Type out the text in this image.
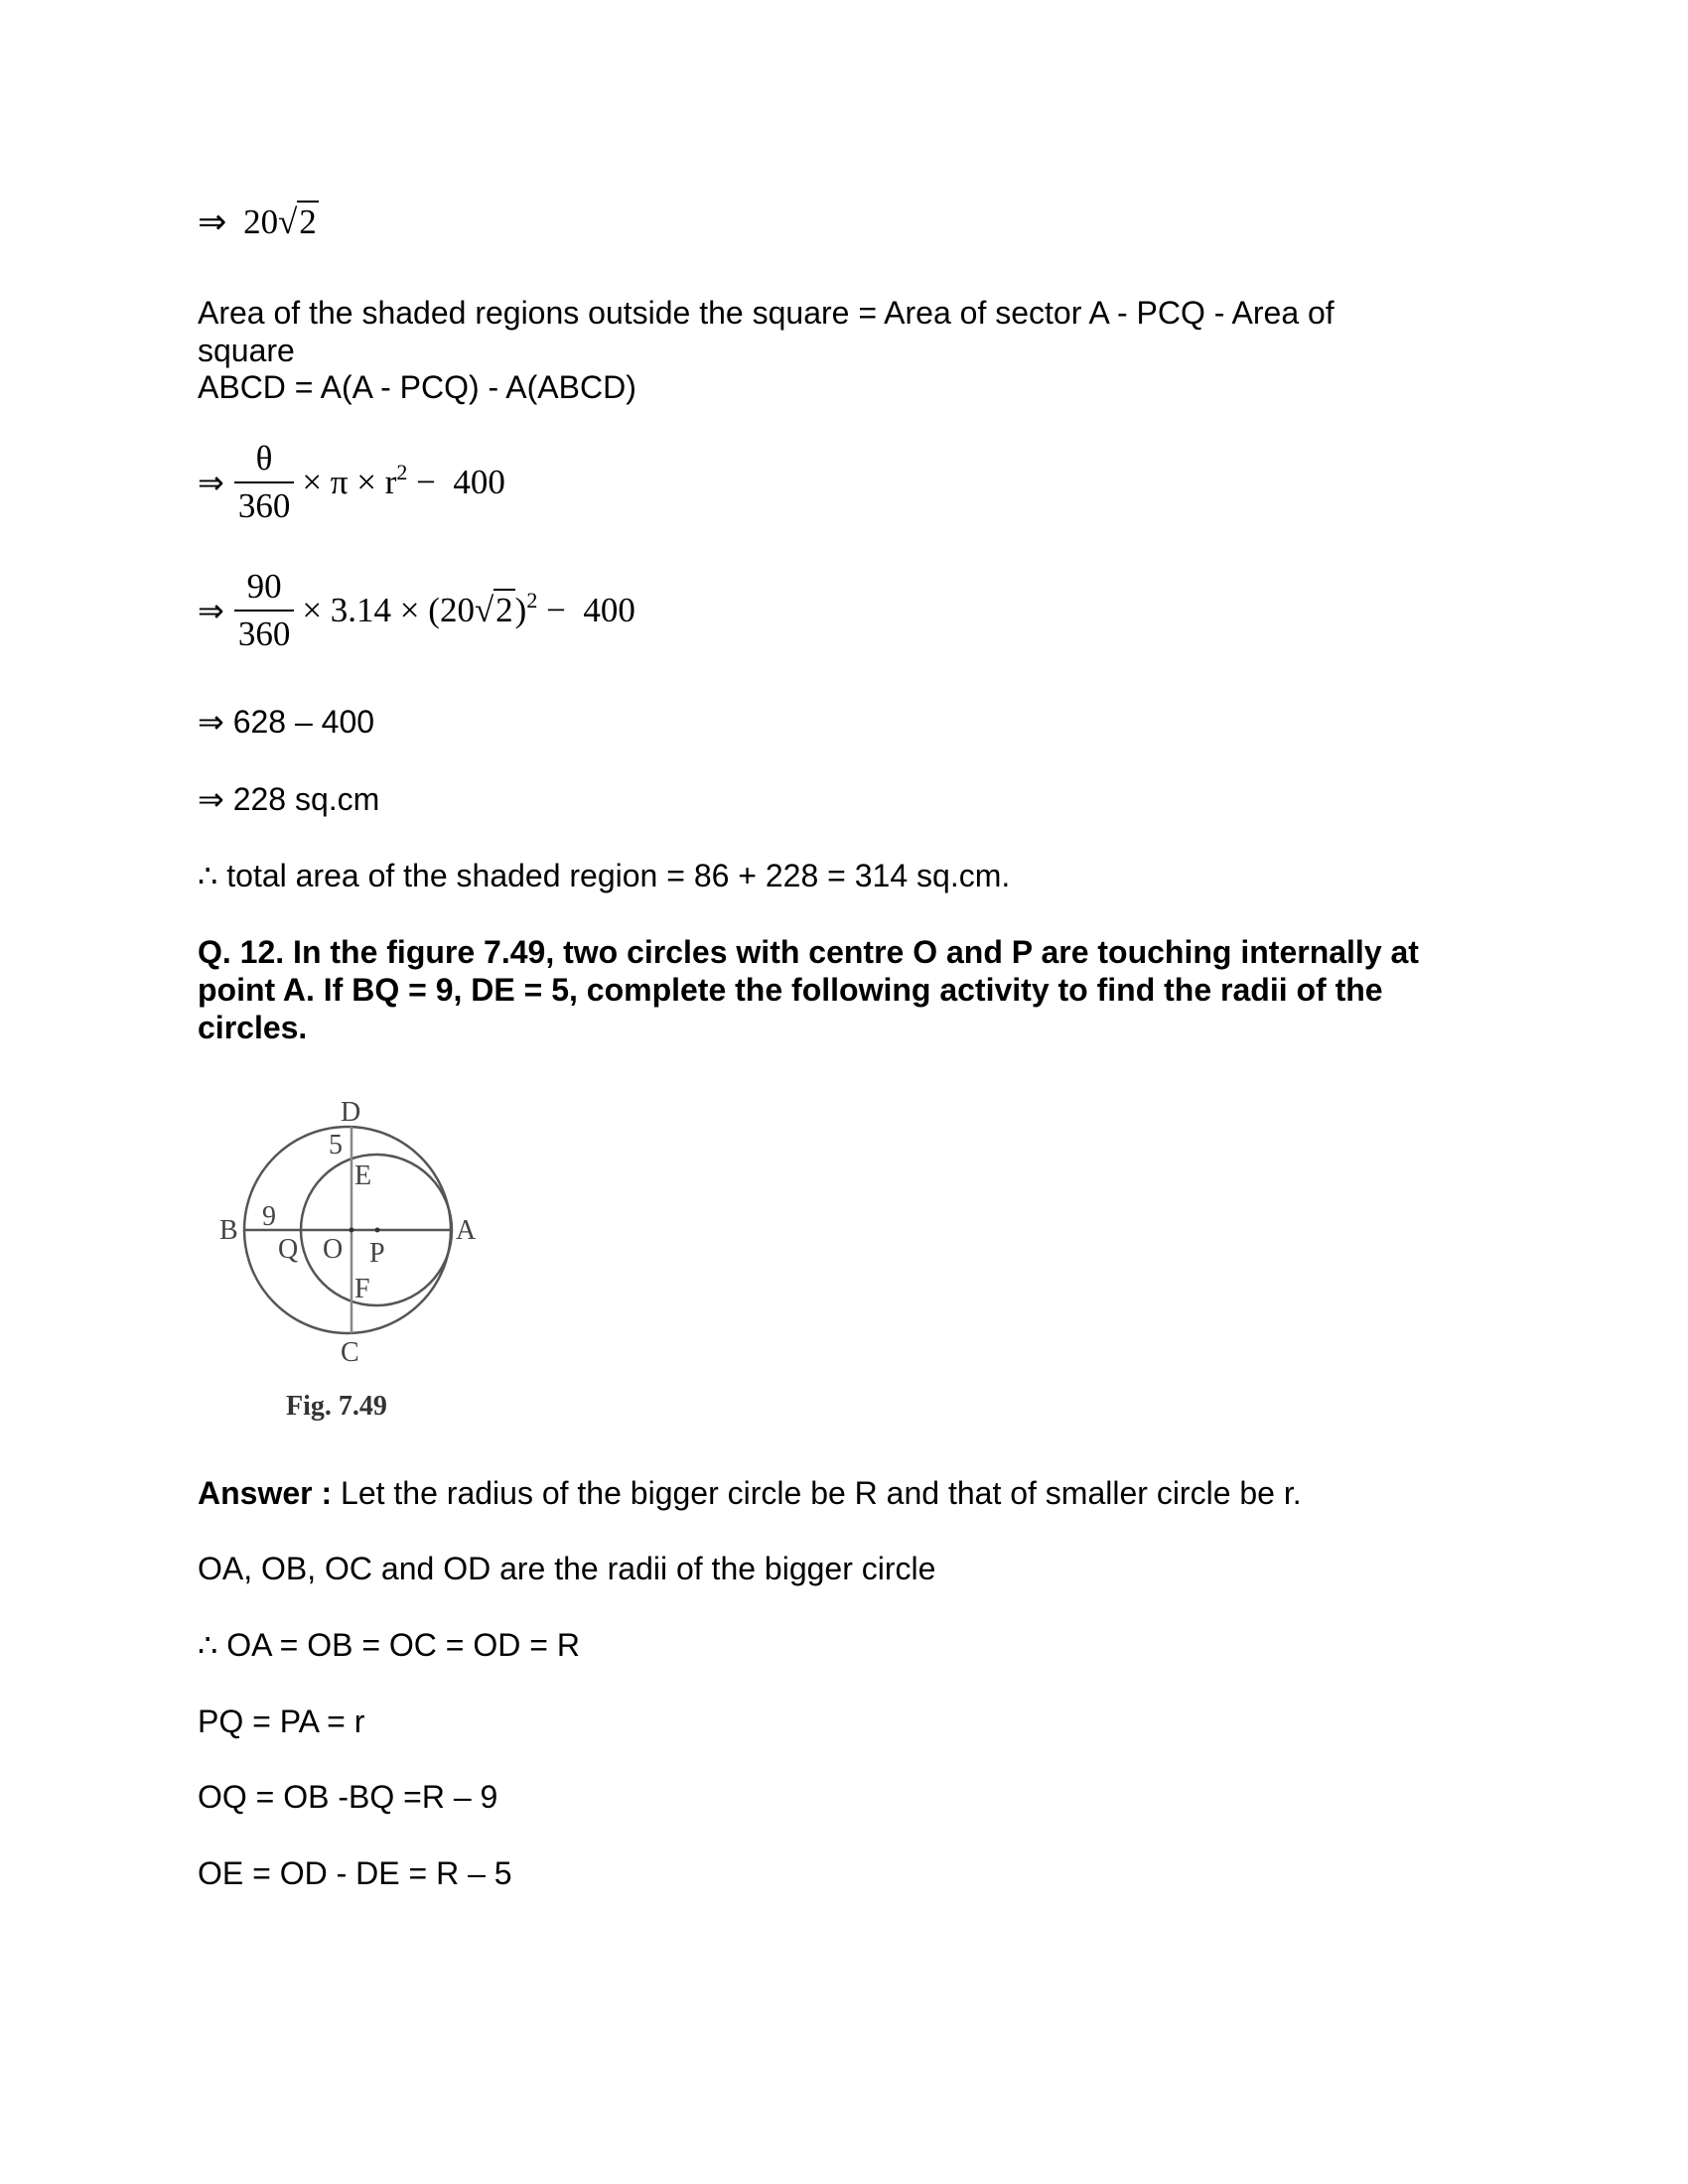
⇒ 20√2
Area of the shaded regions outside the square = Area of sector A - PCQ - Area of
square
ABCD = A(A - PCQ) - A(ABCD)
⇒ $\frac{\theta}{360} \times \pi \times r^2 - 400$
⇒ $\frac{90}{360} \times 3.14 \times (20√2)^2 - 400$
⇒ 628 – 400
⇒ 228 sq.cm
∴ total area of the shaded region = 86 + 228 = 314 sq.cm.
Q. 12. In the figure 7.49, two circles with centre O and P are touching internally at
point A. If BQ = 9, DE = 5, complete the following activity to find the radii of the
circles.
D
5
E
B 9	A
Q O P
F
C
Fig. 7.49
Answer : Let the radius of the bigger circle be R and that of smaller circle be r.
OA, OB, OC and OD are the radii of the bigger circle
∴ OA = OB = OC = OD = R
PQ = PA = r
OQ = OB -BQ =R – 9
OE = OD - DE = R – 5
